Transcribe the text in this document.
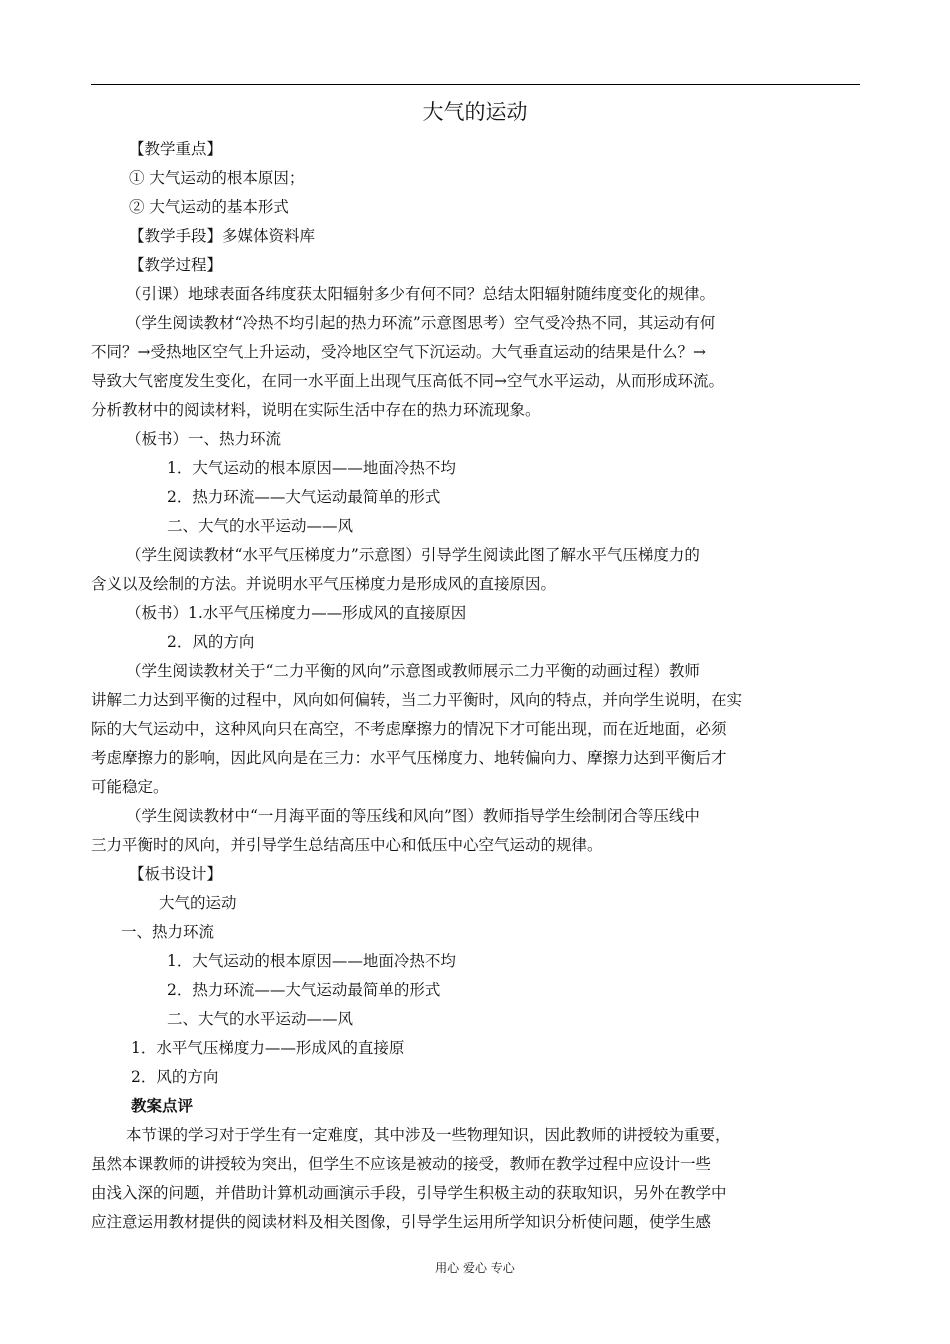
大气的运动
【教学重点】
① 大气运动的根本原因；
② 大气运动的基本形式
【教学手段】多媒体资料库
【教学过程】
（引课）地球表面各纬度获太阳辐射多少有何不同？总结太阳辐射随纬度变化的规律。
（学生阅读教材“冷热不均引起的热力环流”示意图思考）空气受冷热不同，其运动有何
不同？→受热地区空气上升运动，受冷地区空气下沉运动。大气垂直运动的结果是什么？→
导致大气密度发生变化，在同一水平面上出现气压高低不同→空气水平运动，从而形成环流。
分析教材中的阅读材料，说明在实际生活中存在的热力环流现象。
（板书）一、热力环流
1．大气运动的根本原因——地面冷热不均
2．热力环流——大气运动最简单的形式
二、大气的水平运动——风
（学生阅读教材“水平气压梯度力”示意图）引导学生阅读此图了解水平气压梯度力的
含义以及绘制的方法。并说明水平气压梯度力是形成风的直接原因。
（板书）1.水平气压梯度力——形成风的直接原因
2．风的方向
（学生阅读教材关于“二力平衡的风向”示意图或教师展示二力平衡的动画过程）教师
讲解二力达到平衡的过程中，风向如何偏转，当二力平衡时，风向的特点，并向学生说明，在实
际的大气运动中，这种风向只在高空，不考虑摩擦力的情况下才可能出现，而在近地面，必须
考虑摩擦力的影响，因此风向是在三力：水平气压梯度力、地转偏向力、摩擦力达到平衡后才
可能稳定。
（学生阅读教材中“一月海平面的等压线和风向”图）教师指导学生绘制闭合等压线中
三力平衡时的风向，并引导学生总结高压中心和低压中心空气运动的规律。
【板书设计】
大气的运动
一、热力环流
1．大气运动的根本原因——地面冷热不均
2．热力环流——大气运动最简单的形式
二、大气的水平运动——风
1．水平气压梯度力——形成风的直接原
2．风的方向
教案点评
本节课的学习对于学生有一定难度，其中涉及一些物理知识，因此教师的讲授较为重要，
虽然本课教师的讲授较为突出，但学生不应该是被动的接受，教师在教学过程中应设计一些
由浅入深的问题，并借助计算机动画演示手段，引导学生积极主动的获取知识，另外在教学中
应注意运用教材提供的阅读材料及相关图像，引导学生运用所学知识分析使问题，使学生感
用心 爱心 专心
